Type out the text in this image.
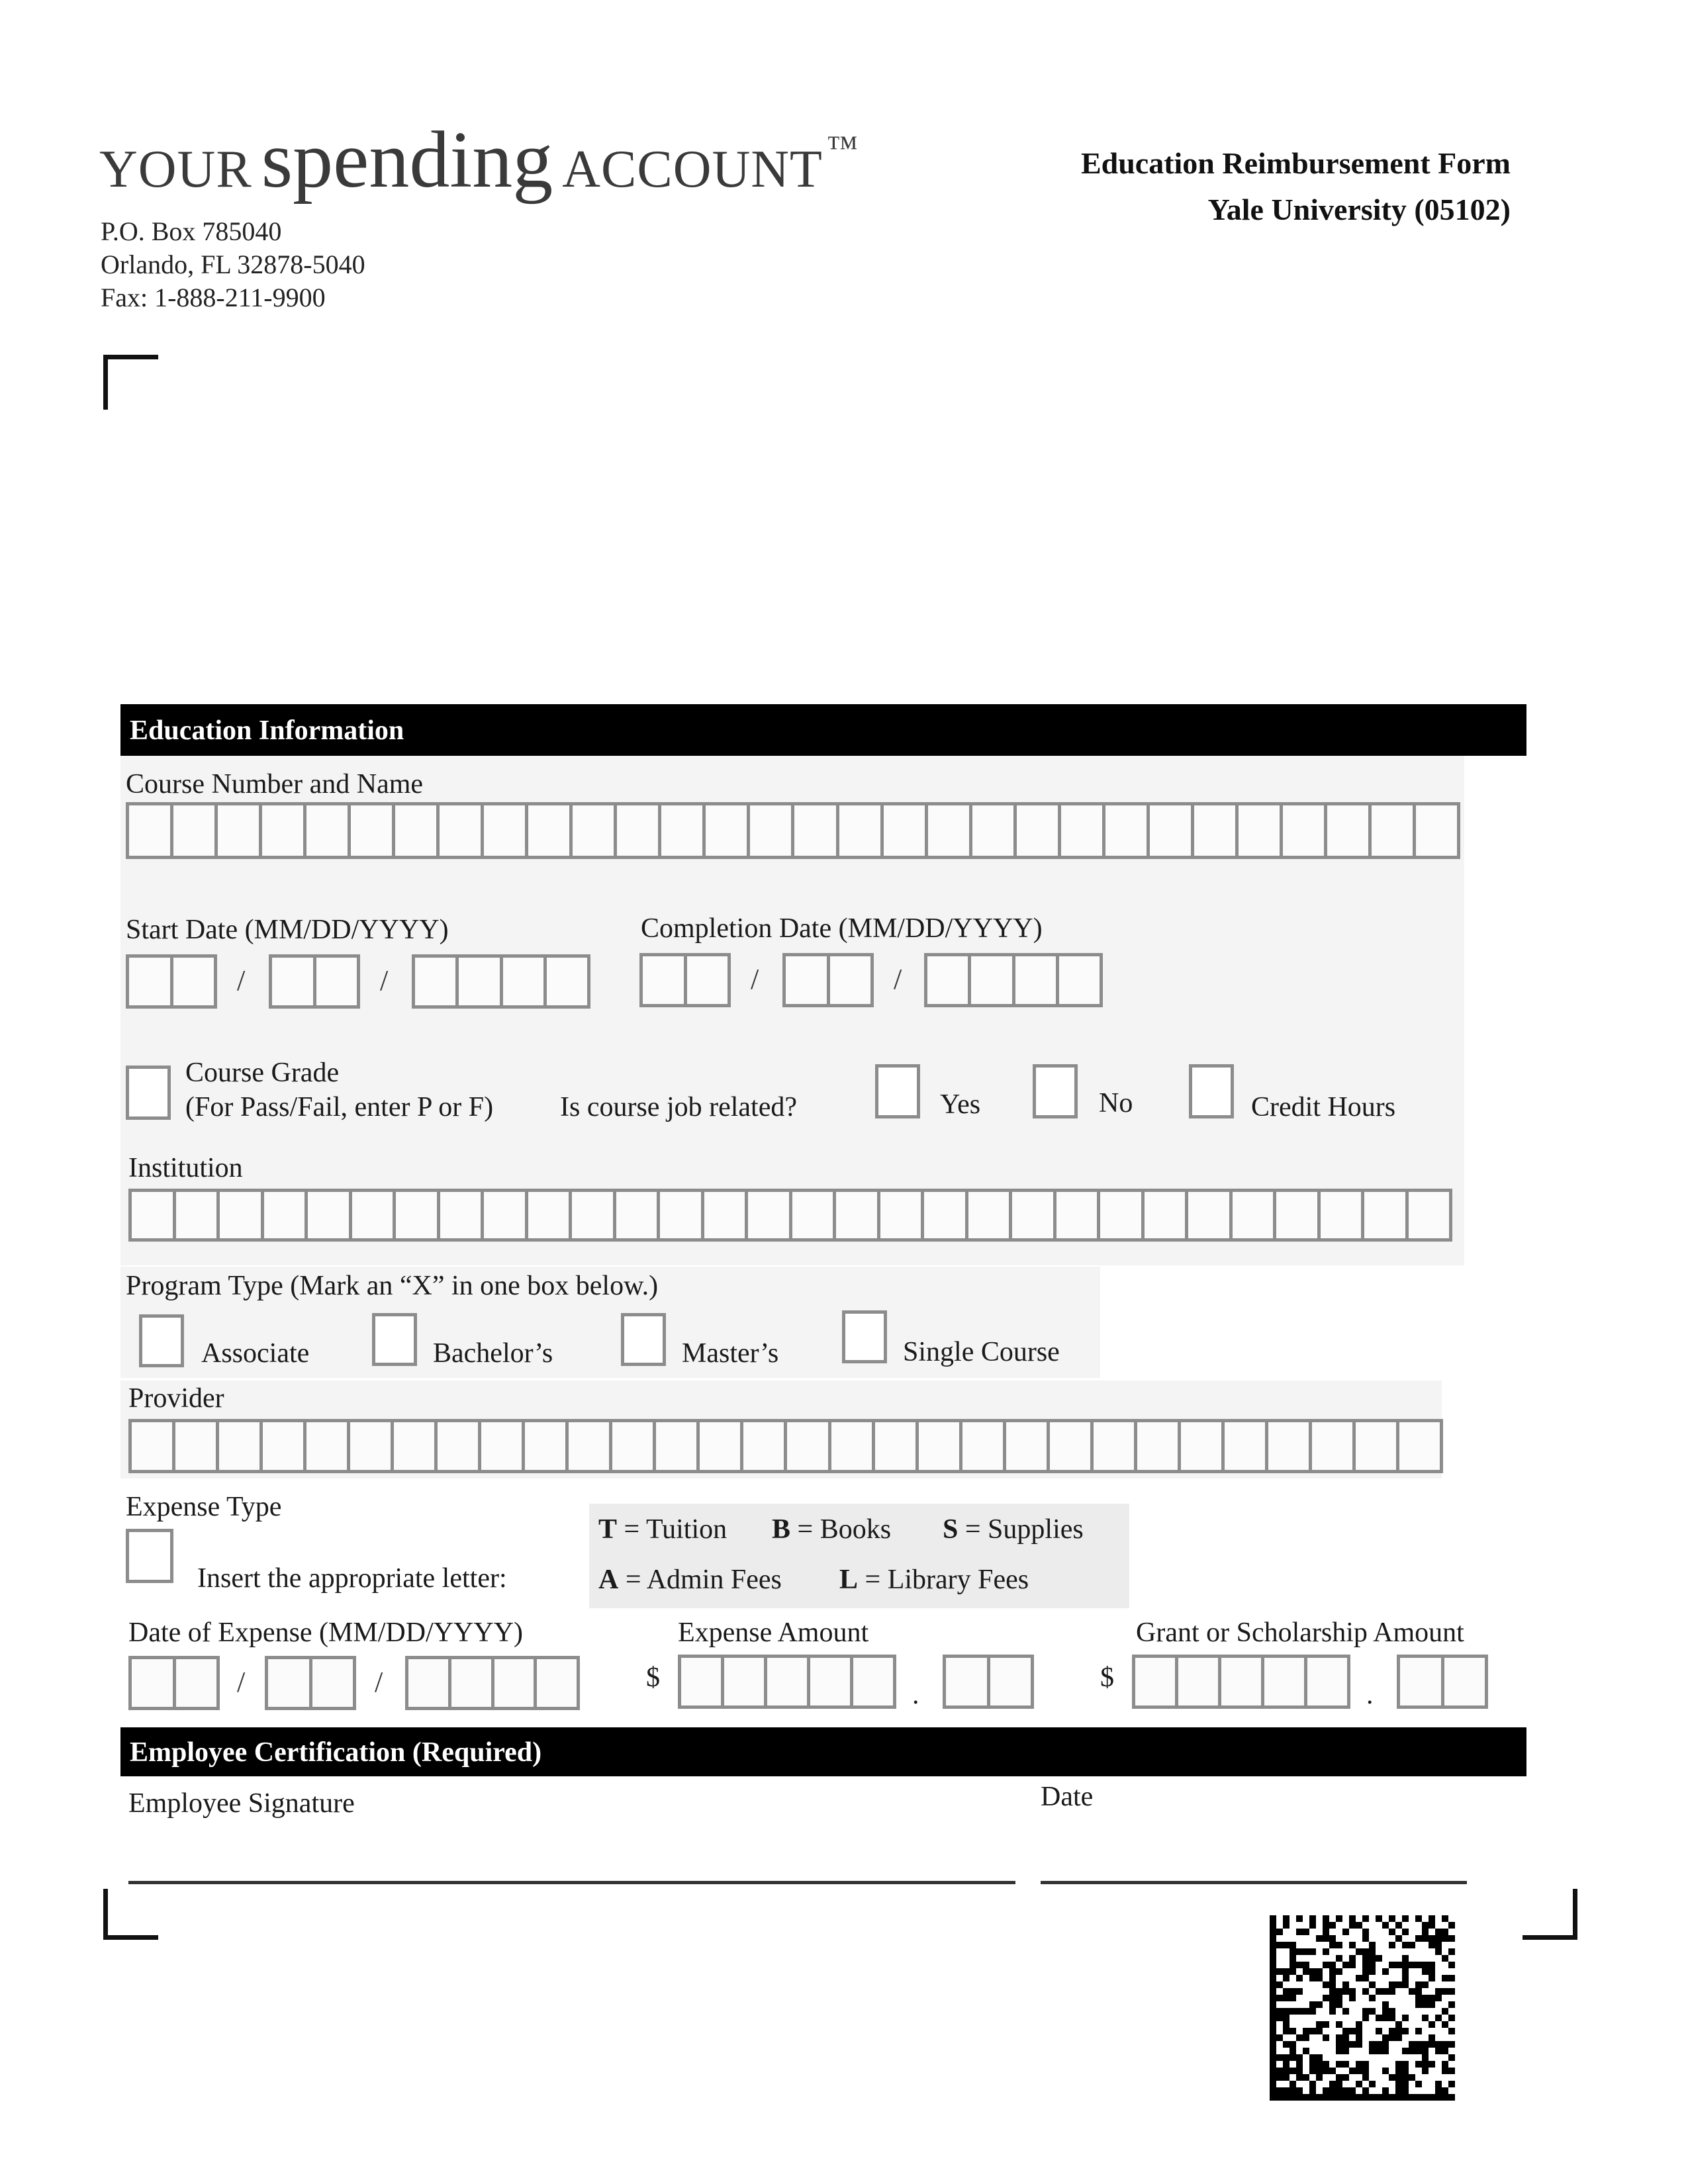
YOUR spending ACCOUNT ™
P.O. Box 785040
Orlando, FL 32878-5040
Fax: 1-888-211-9900
Education Reimbursement Form
Yale University (05102)
Education Information
Course Number and Name
Start Date (MM/DD/YYYY)	Completion Date (MM/DD/YYYY)
/	/	/	/
Course Grade
(For Pass/Fail, enter P or F) Is course job related?	Yes	No	Credit Hours
Institution
Program Type (Mark an “X” in one box below.)
Associate	Bachelor’s	Master’s	Single Course
Provider
Expense Type
Insert the appropriate letter:
T = Tuition B = Books S = Supplies
A = Admin Fees L = Library Fees
Date of Expense (MM/DD/YYYY)	Expense Amount	Grant or Scholarship Amount
/	/	$
.
$
.
Employee Certification (Required)
Employee Signature	Date
